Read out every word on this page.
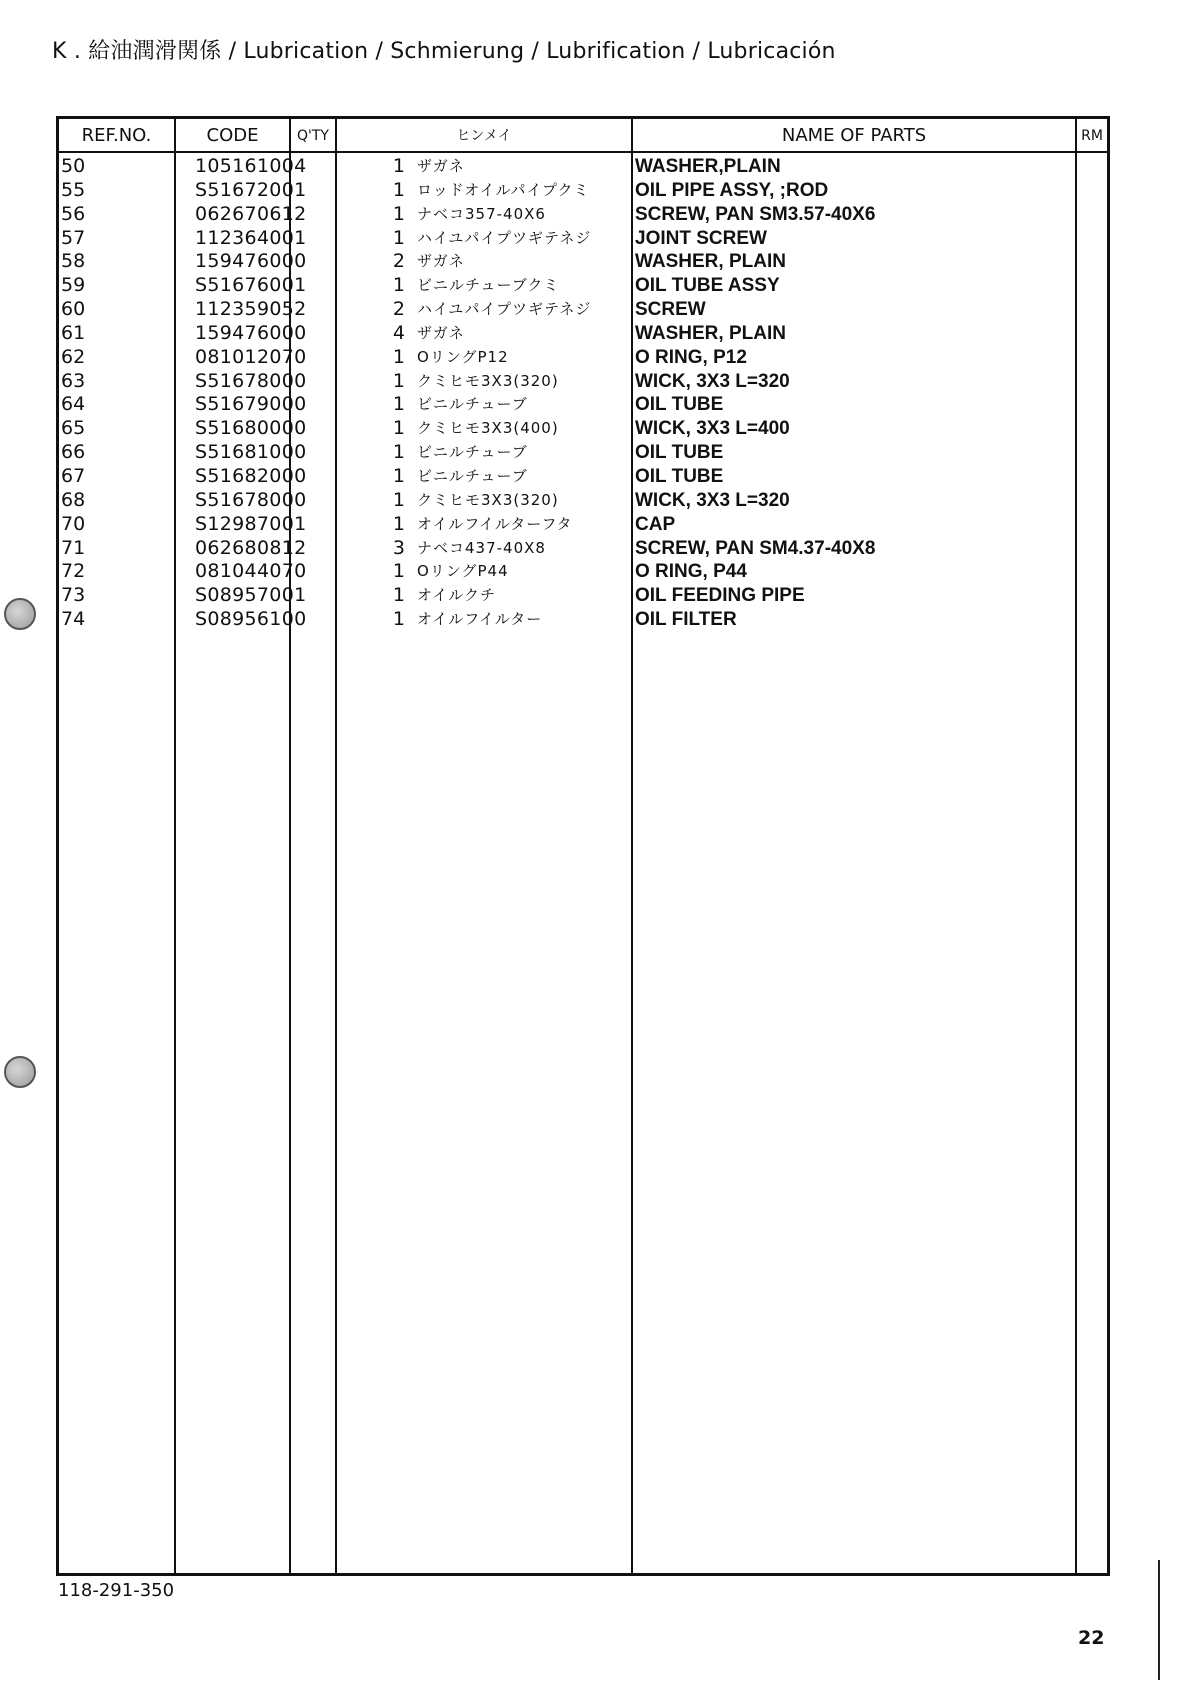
K . 給油潤滑関係 / Lubrication / Schmierung / Lubrification / Lubricación
REF.NO.	CODE	Q'TY	ヒンメイ	NAME OF PARTS	RM
50	105161004	1 ザガネ	WASHER,PLAIN
55	S51672001	1 ロッドオイルパイプクミ	OIL PIPE ASSY, ;ROD
56	062670612	1 ナベコ357-40X6	SCREW, PAN SM3.57-40X6
57	112364001	1 ハイユパイプツギテネジ	JOINT SCREW
58	159476000	2 ザガネ	WASHER, PLAIN
59	S51676001	1 ビニルチューブクミ	OIL TUBE ASSY
60	112359052	2 ハイユパイプツギテネジ	SCREW
61	159476000	4 ザガネ	WASHER, PLAIN
62	081012070	1 OリングP12	O RING, P12
63	S51678000	1 クミヒモ3X3(320)	WICK, 3X3 L=320
64	S51679000	1 ビニルチューブ	OIL TUBE
65	S51680000	1 クミヒモ3X3(400)	WICK, 3X3 L=400
66	S51681000	1 ビニルチューブ	OIL TUBE
67	S51682000	1 ビニルチューブ	OIL TUBE
68	S51678000	1 クミヒモ3X3(320)	WICK, 3X3 L=320
70	S12987001	1 オイルフイルターフタ	CAP
71	062680812	3 ナベコ437-40X8	SCREW, PAN SM4.37-40X8
72	081044070	1 OリングP44	O RING, P44
73	S08957001	1 オイルクチ	OIL FEEDING PIPE
74	S08956100	1 オイルフイルター	OIL FILTER
118-291-350
22
